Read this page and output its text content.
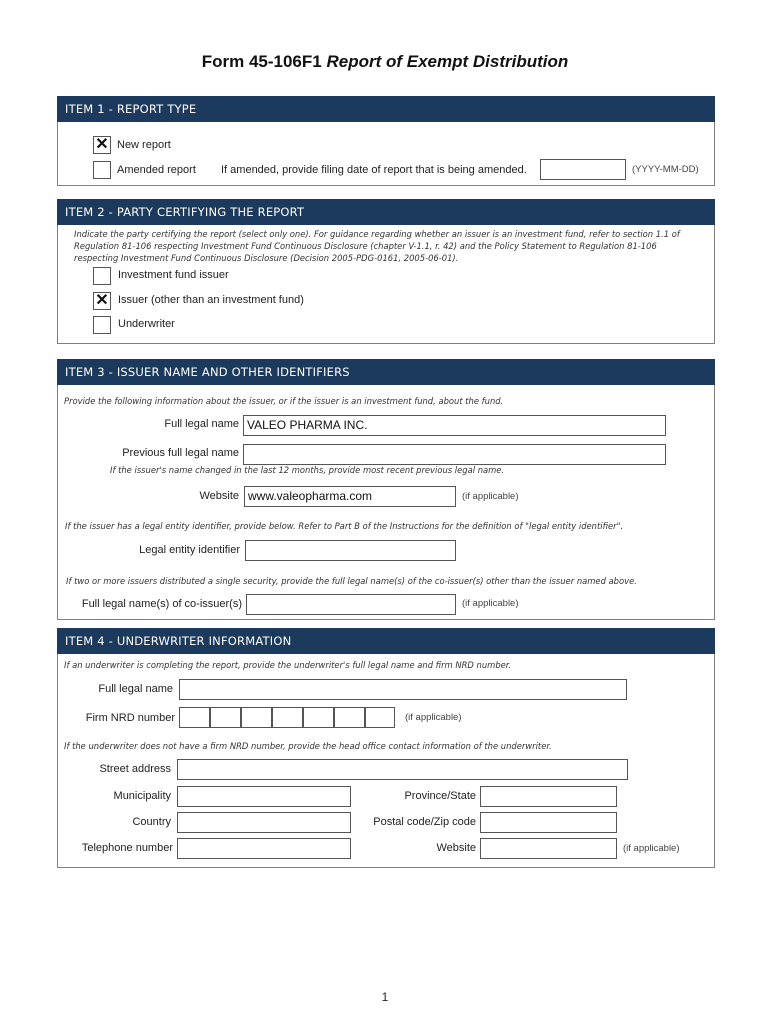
Form 45-106F1 Report of Exempt Distribution
ITEM 1 - REPORT TYPE
✕ New report
Amended report If amended, provide filing date of report that is being amended.	(YYYY-MM-DD)
ITEM 2 - PARTY CERTIFYING THE REPORT
Indicate the party certifying the report (select only one). For guidance regarding whether an issuer is an investment fund, refer to section 1.1 of Regulation 81-106 respecting Investment Fund Continuous Disclosure (chapter V-1.1, r. 42) and the Policy Statement to Regulation 81-106 respecting Investment Fund Continuous Disclosure (Decision 2005-PDG-0161, 2005-06-01).
Investment fund issuer
✕ Issuer (other than an investment fund)
Underwriter
ITEM 3 - ISSUER NAME AND OTHER IDENTIFIERS
Provide the following information about the issuer, or if the issuer is an investment fund, about the fund.
Full legal name VALEO PHARMA INC.
Previous full legal name
If the issuer's name changed in the last 12 months, provide most recent previous legal name.
Website www.valeopharma.com	(if applicable)
If the issuer has a legal entity identifier, provide below. Refer to Part B of the Instructions for the definition of "legal entity identifier".
Legal entity identifier
If two or more issuers distributed a single security, provide the full legal name(s) of the co-issuer(s) other than the issuer named above.
Full legal name(s) of co-issuer(s)	(if applicable)
ITEM 4 - UNDERWRITER INFORMATION
If an underwriter is completing the report, provide the underwriter's full legal name and firm NRD number.
Full legal name
Firm NRD number	(if applicable)
If the underwriter does not have a firm NRD number, provide the head office contact information of the underwriter.
Street address
Municipality	Province/State
Country	Postal code/Zip code
Telephone number	Website	(if applicable)
1
